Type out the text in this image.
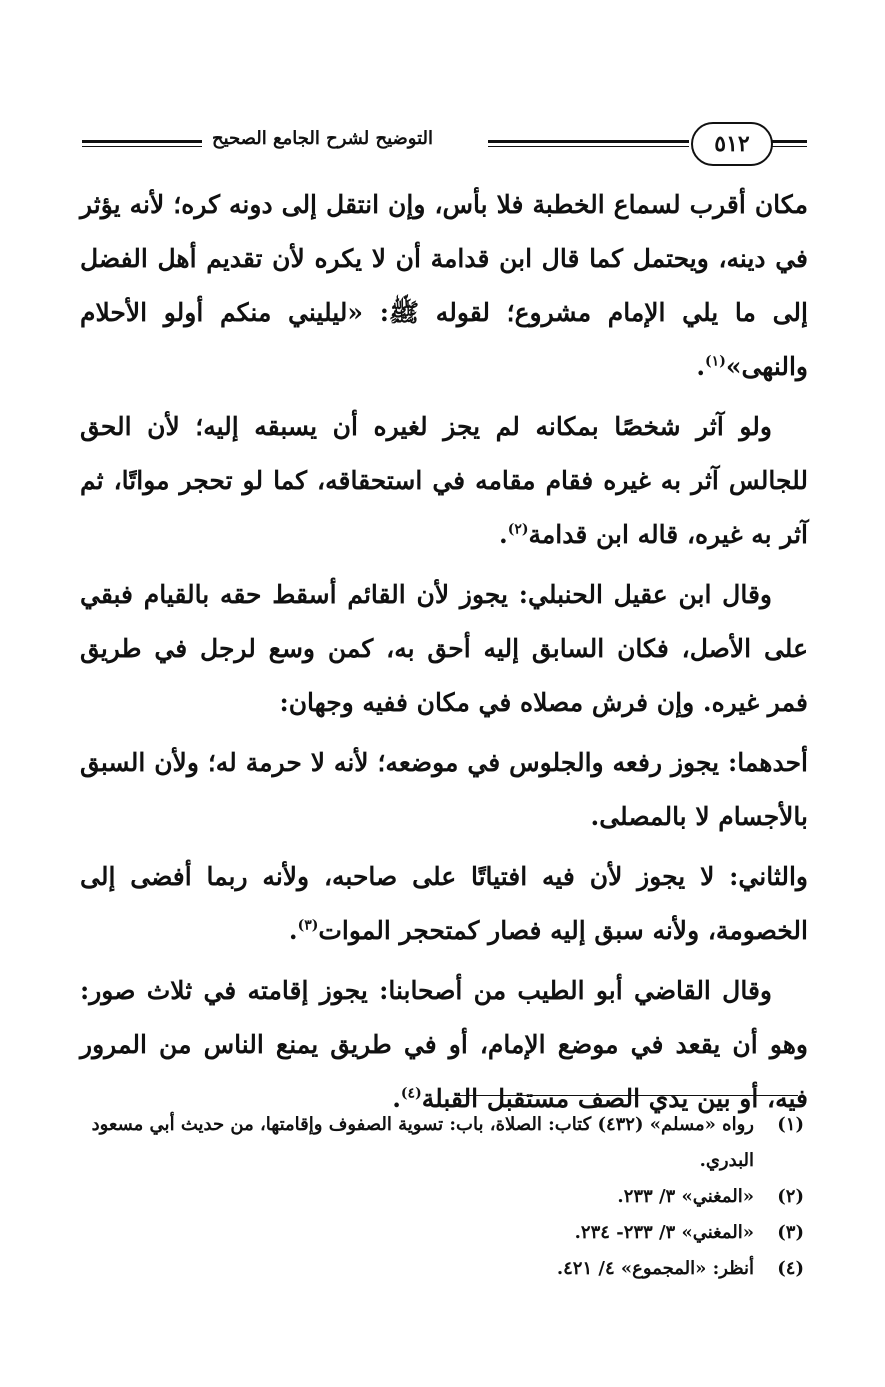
التوضيح لشرح الجامع الصحيح	٥١٢

مكان أقرب لسماع الخطبة فلا بأس، وإن انتقل إلى دونه كره؛ لأنه يؤثر في دينه، ويحتمل كما قال ابن قدامة أن لا يكره لأن تقديم أهل الفضل إلى ما يلي الإمام مشروع؛ لقوله ﷺ: «ليليني منكم أولو الأحلام والنهى»$^{(١)}$.

ولو آثر شخصًا بمكانه لم يجز لغيره أن يسبقه إليه؛ لأن الحق للجالس آثر به غيره فقام مقامه في استحقاقه، كما لو تحجر مواتًا، ثم آثر به غيره، قاله ابن قدامة$^{(٢)}$.

وقال ابن عقيل الحنبلي: يجوز لأن القائم أسقط حقه بالقيام فبقي على الأصل، فكان السابق إليه أحق به، كمن وسع لرجل في طريق فمر غيره. وإن فرش مصلاه في مكان ففيه وجهان:

أحدهما: يجوز رفعه والجلوس في موضعه؛ لأنه لا حرمة له؛ ولأن السبق بالأجسام لا بالمصلى.

والثاني: لا يجوز لأن فيه افتياتًا على صاحبه، ولأنه ربما أفضى إلى الخصومة، ولأنه سبق إليه فصار كمتحجر الموات$^{(٣)}$.

وقال القاضي أبو الطيب من أصحابنا: يجوز إقامته في ثلاث صور: وهو أن يقعد في موضع الإمام، أو في طريق يمنع الناس من المرور فيه، أو بين يدي الصف مستقبل القبلة$^{(٤)}$.

(١)
رواه «مسلم» (٤٣٢) كتاب: الصلاة، باب: تسوية الصفوف وإقامتها، من حديث أبي مسعود البدري.
(٢)
«المغني» ٣/ ٢٣٣.
(٣)
«المغني» ٣/ ٢٣٣- ٢٣٤.
(٤)
أنظر: «المجموع» ٤/ ٤٢١.
